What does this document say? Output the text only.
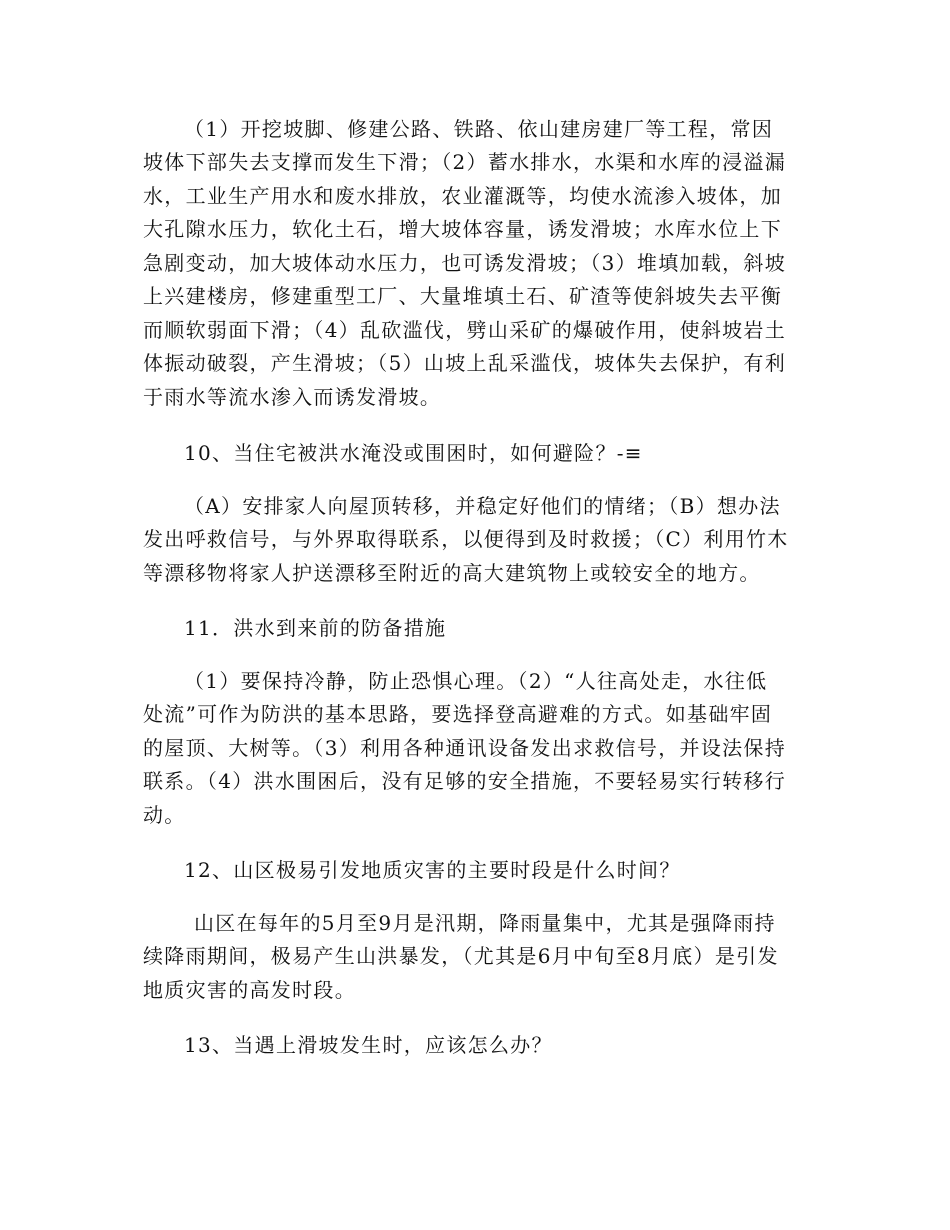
（1）开挖坡脚、修建公路、铁路、依山建房建厂等工程，常因
坡体下部失去支撑而发生下滑；（2）蓄水排水，水渠和水库的浸溢漏
水，工业生产用水和废水排放，农业灌溉等，均使水流渗入坡体，加
大孔隙水压力，软化土石，增大坡体容量，诱发滑坡；水库水位上下
急剧变动，加大坡体动水压力，也可诱发滑坡；（3）堆填加载，斜坡
上兴建楼房，修建重型工厂、大量堆填土石、矿渣等使斜坡失去平衡
而顺软弱面下滑；（4）乱砍滥伐，劈山采矿的爆破作用，使斜坡岩土
体振动破裂，产生滑坡；（5）山坡上乱采滥伐，坡体失去保护，有利
于雨水等流水渗入而诱发滑坡。
10、当住宅被洪水淹没或围困时，如何避险？-≡
（A）安排家人向屋顶转移，并稳定好他们的情绪；（B）想办法
发出呼救信号，与外界取得联系，以便得到及时救援；（C）利用竹木
等漂移物将家人护送漂移至附近的高大建筑物上或较安全的地方。
11．洪水到来前的防备措施
（1）要保持冷静，防止恐惧心理。（2）“人往高处走，水往低
处流”可作为防洪的基本思路，要选择登高避难的方式。如基础牢固
的屋顶、大树等。（3）利用各种通讯设备发出求救信号，并设法保持
联系。（4）洪水围困后，没有足够的安全措施，不要轻易实行转移行
动。
12、山区极易引发地质灾害的主要时段是什么时间？
山区在每年的5月至9月是汛期，降雨量集中，尤其是强降雨持
续降雨期间，极易产生山洪暴发，（尤其是6月中旬至8月底）是引发
地质灾害的高发时段。
13、当遇上滑坡发生时，应该怎么办？
